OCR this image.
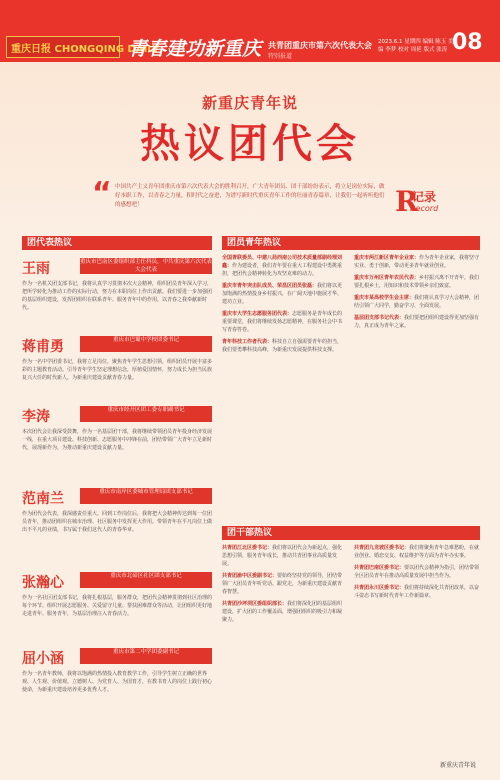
重庆日报 CHONGQING DAILY
青春建功新重庆 共青团重庆市第六次代表大会
特别报道
2023.6.1 星期四 编辑 陈玉 美编 李梦 校对 周延 版式 张涛 08
新重庆青年说
热议团代会
“ 中国共产主义青年团重庆市第六次代表大会的胜利召开，广大青年团员、团干部纷纷表示，将立足岗位实际，做好本职工作，以青春之力量，积时代之奋进，为谱写新时代重庆青年工作的壮丽青春篇章，让我们一起听听他们的感想吧！	R
记录
Record
团代表热议	团员青年热议
团干部热议
王雨	重庆市巴南区委组织部主任科员，中共重庆第六次代表大会代表
作为一名机关团支部书记，我将认真学习贯彻本次大会精神，组织团员青年深入学习，把所学转化为推动工作的实际行动，努力在本职岗位上作出贡献。我们要进一步加强团的基层组织建设，发挥团组织在联系青年、服务青年中的作用，以青春之我奉献新时代。
蒋甫勇	重庆市巴蜀中学校团委书记
作为一名中学团委书记，我将立足岗位，聚焦青年学生思想引领，组织团员开展丰富多彩的主题教育活动。引导青年学生坚定理想信念，厚植爱国情怀，努力成长为担当民族复兴大任的时代新人，为新重庆建设贡献青春力量。
李涛	重庆市经开区团工委专职副书记
本次团代会让我深受鼓舞，作为一名基层团干部，我将继续带领团员青年投身经济发展一线，在重大项目建设、科技创新、志愿服务中冲锋在前，团结带领广大青年立足新时代，展现新作为，为推动新重庆建设贡献力量。
范南兰	重庆市南岸区委城市管理局团支部书记
作为团代会代表，我深感责任重大。回到工作岗位后，我将把大会精神传达到每一位团员青年，推动团组织在城市治理、社区服务中发挥更大作用。带领青年在平凡岗位上做出不平凡的业绩，书写属于我们这代人的青春华章。
张瀚心	重庆市北碚区社区团支部书记
作为一名社区团支部书记，我将扎根基层，服务群众，把团代会精神贯彻到社区治理的每个环节。组织开展志愿服务、关爱留守儿童、帮扶困难群众等活动，让团组织更好地走进青年、服务青年，为基层治理注入青春活力。
屈小涵	重庆市第二中学团委副书记
作为一名青年教师，我将以饱满的热情投入教育教学工作，引导学生树立正确的世界观、人生观、价值观。立德树人、为党育人、为国育才，在教书育人的岗位上践行初心使命，为新重庆建设培养更多优秀人才。

全国青联委员、中建八局西南公司技术质量部副经理刘鑫：作为建设者，我们青年要在重大工程建设中勇挑重担，把团代会精神转化为攻坚克难的动力。

重庆市青年突击队成员、荣昌区团员张磊：我们将以更加饱满的热情投身乡村振兴，在广阔天地中施展才华、建功立业。

重庆市大学生志愿服务团代表：志愿服务是青年成长的重要课堂，我们将继续发扬志愿精神，在服务社会中书写青春答卷。

青年科技工作者代表：科技自立自强需要青年的担当，我们要勇攀科技高峰，为新重庆发展提供科技支撑。

重庆市两江新区青年企业家：作为青年企业家，我将坚守实业、勇于创新，带动更多青年就业创业。

重庆市万州区青年农民代表：乡村振兴离不开青年，我们要扎根乡土，用知识和技术带领乡亲们致富。

重庆市某高校学生会主席：我们将认真学习大会精神，团结引领广大同学，勤奋学习、全面发展。

基层团支部书记代表：我们要把团组织建设得更加坚强有力，真正成为青年之家。

共青团江北区委书记：我们将以团代会为新起点，强化思想引领，服务青年成长，推动共青团事业高质量发展。

共青团渝中区委副书记：要始终坚持党的领导，团结带领广大团员青年听党话、跟党走，为新重庆建设贡献青春智慧。

共青团沙坪坝区委组织部长：我们将深化团的基层组织建设，扩大团的工作覆盖面，增强团组织的吸引力和凝聚力。

共青团九龙坡区委书记：我们将聚焦青年急难愁盼，在就业创业、婚恋交友、权益维护等方面为青年办实事。

共青团巴南区委书记：要以团代会精神为指引，团结带领全区团员青年在推动高质量发展中担当作为。

共青团永川区委书记：我们将持续深化共青团改革，以奋斗姿态书写新时代青年工作新篇章。

新重庆青年说
